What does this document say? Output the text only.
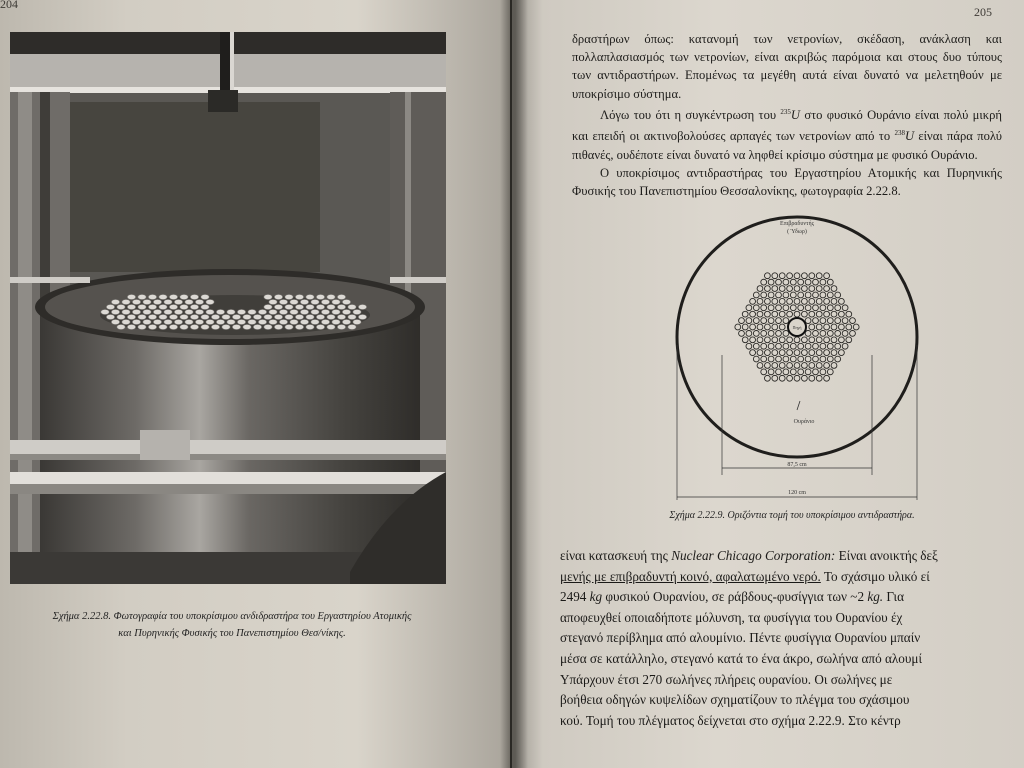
204
Σχήμα 2.22.8. Φωτογραφία του υποκρίσιμου ανδιδραστήρα του Εργαστηρίου Ατομικής
και Πυρηνικής Φυσικής του Πανεπιστημίου Θεσ/νίκης.
205

δραστήρων όπως: κατανομή των νετρονίων, σκέδαση, ανάκλαση και πολλαπλασιασμός των νετρονίων, είναι ακριβώς παρόμοια και στους δυο τύπους των αντιδραστήρων. Επομένως τα μεγέθη αυτά είναι δυνατό να μελετηθούν με υποκρίσιμο σύστημα.

Λόγω του ότι η συγκέντρωση του $^{235}$U στο φυσικό Ουράνιο είναι πολύ μικρή και επειδή οι ακτινοβολούσες αρπαγές των νετρονίων από το $^{238}$U είναι πάρα πολύ πιθανές, ουδέποτε είναι δυνατό να ληφθεί κρίσιμο σύστημα με φυσικό Ουράνιο.

Ο υποκρίσιμος αντιδραστήρας του Εργαστηρίου Ατομικής και Πυρηνικής Φυσικής του Πανεπιστημίου Θεσσαλονίκης, φωτογραφία 2.22.8.

Πηγή
Επιβραδυντής
( Ύδωρ)
Ουράνιο
87,5 cm
120 cm
Σχήμα 2.22.9. Οριζόντια τομή του υποκρίσιμου αντιδραστήρα.

είναι κατασκευή της Nuclear Chicago Corporation: Είναι ανοικτής δεξ

μενής με επιβραδυντή κοινό, αφαλατωμένο νερό. Το σχάσιμο υλικό εί

2494 kg φυσικού Ουρανίου, σε ράβδους-φυσίγγια των ~2 kg. Για

αποφευχθεί οποιαδήποτε μόλυνση, τα φυσίγγια του Ουρανίου έχ

στεγανό περίβλημα από αλουμίνιο. Πέντε φυσίγγια Ουρανίου μπαίν

μέσα σε κατάλληλο, στεγανό κατά το ένα άκρο, σωλήνα από αλουμί

Υπάρχουν έτσι 270 σωλήνες πλήρεις ουρανίου. Οι σωλήνες με

βοήθεια οδηγών κυψελίδων σχηματίζουν το πλέγμα του σχάσιμου

κού. Τομή του πλέγματος δείχνεται στο σχήμα 2.22.9. Στο κέντρ
